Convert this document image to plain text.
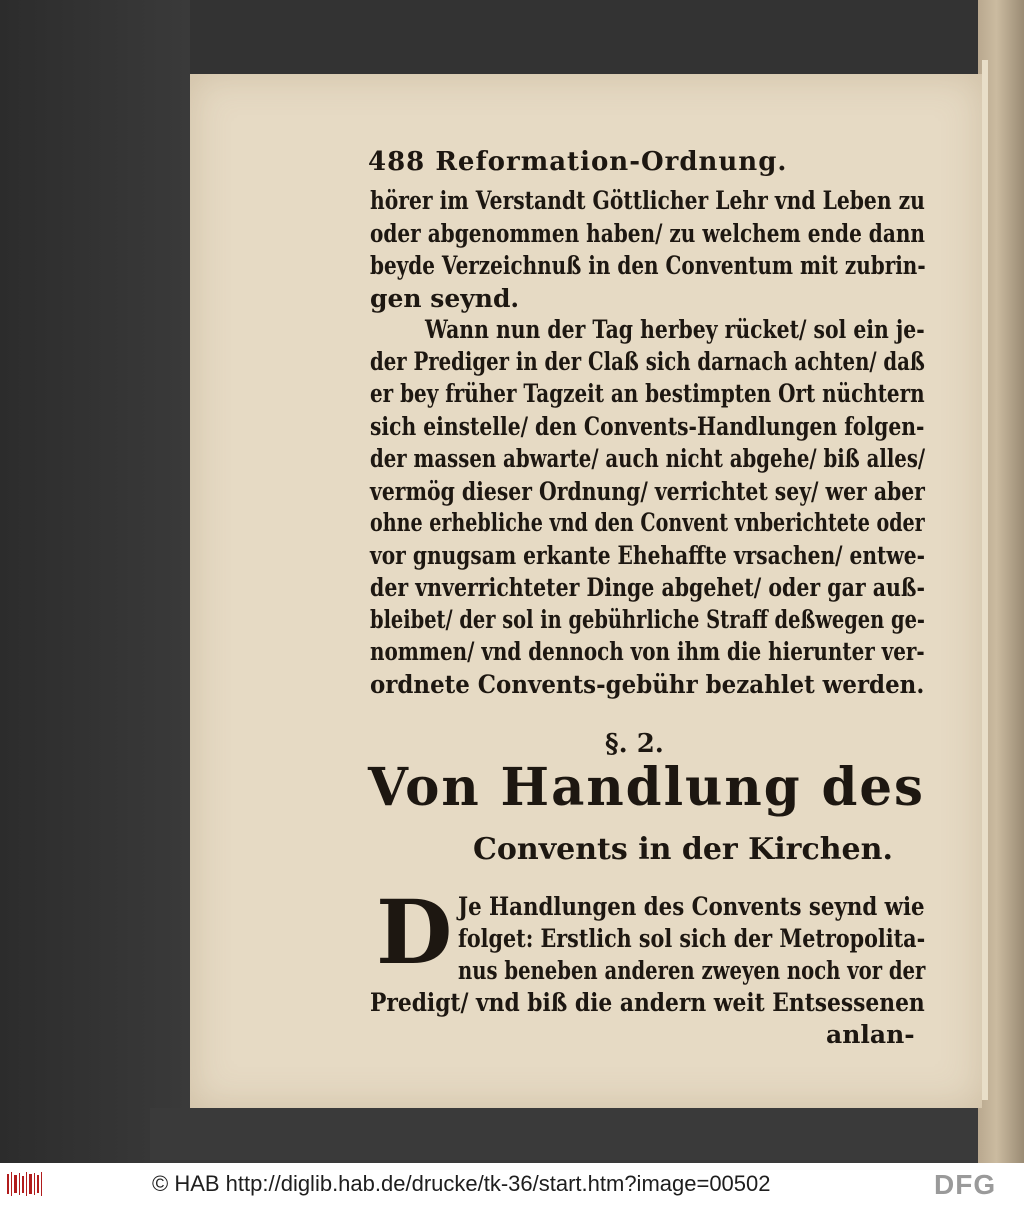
488 Reformation-Ordnung.
hörer im Verstandt Göttlicher Lehr vnd Leben zu
oder abgenommen haben/ zu welchem ende dann
beyde Verzeichnuß in den Conventum mit zubrin-
gen seynd.
Wann nun der Tag herbey rücket/ sol ein je-
der Prediger in der Claß sich darnach achten/ daß
er bey früher Tagzeit an bestimpten Ort nüchtern
sich einstelle/ den Convents-Handlungen folgen-
der massen abwarte/ auch nicht abgehe/ biß alles/
vermög dieser Ordnung/ verrichtet sey/ wer aber
ohne erhebliche vnd den Convent vnberichtete oder
vor gnugsam erkante Ehehaffte vrsachen/ entwe-
der vnverrichteter Dinge abgehet/ oder gar auß-
bleibet/ der sol in gebührliche Straff deßwegen ge-
nommen/ vnd dennoch von ihm die hierunter ver-
ordnete Convents-gebühr bezahlet werden.
§. 2.
Von Handlung des
Convents in der Kirchen.
D Je Handlungen des Convents seynd wie
folget: Erstlich sol sich der Metropolita-
nus beneben anderen zweyen noch vor der
Predigt/ vnd biß die andern weit Entsessenen
anlan-
© HAB http://diglib.hab.de/drucke/tk-36/start.htm?image=00502	DFG
